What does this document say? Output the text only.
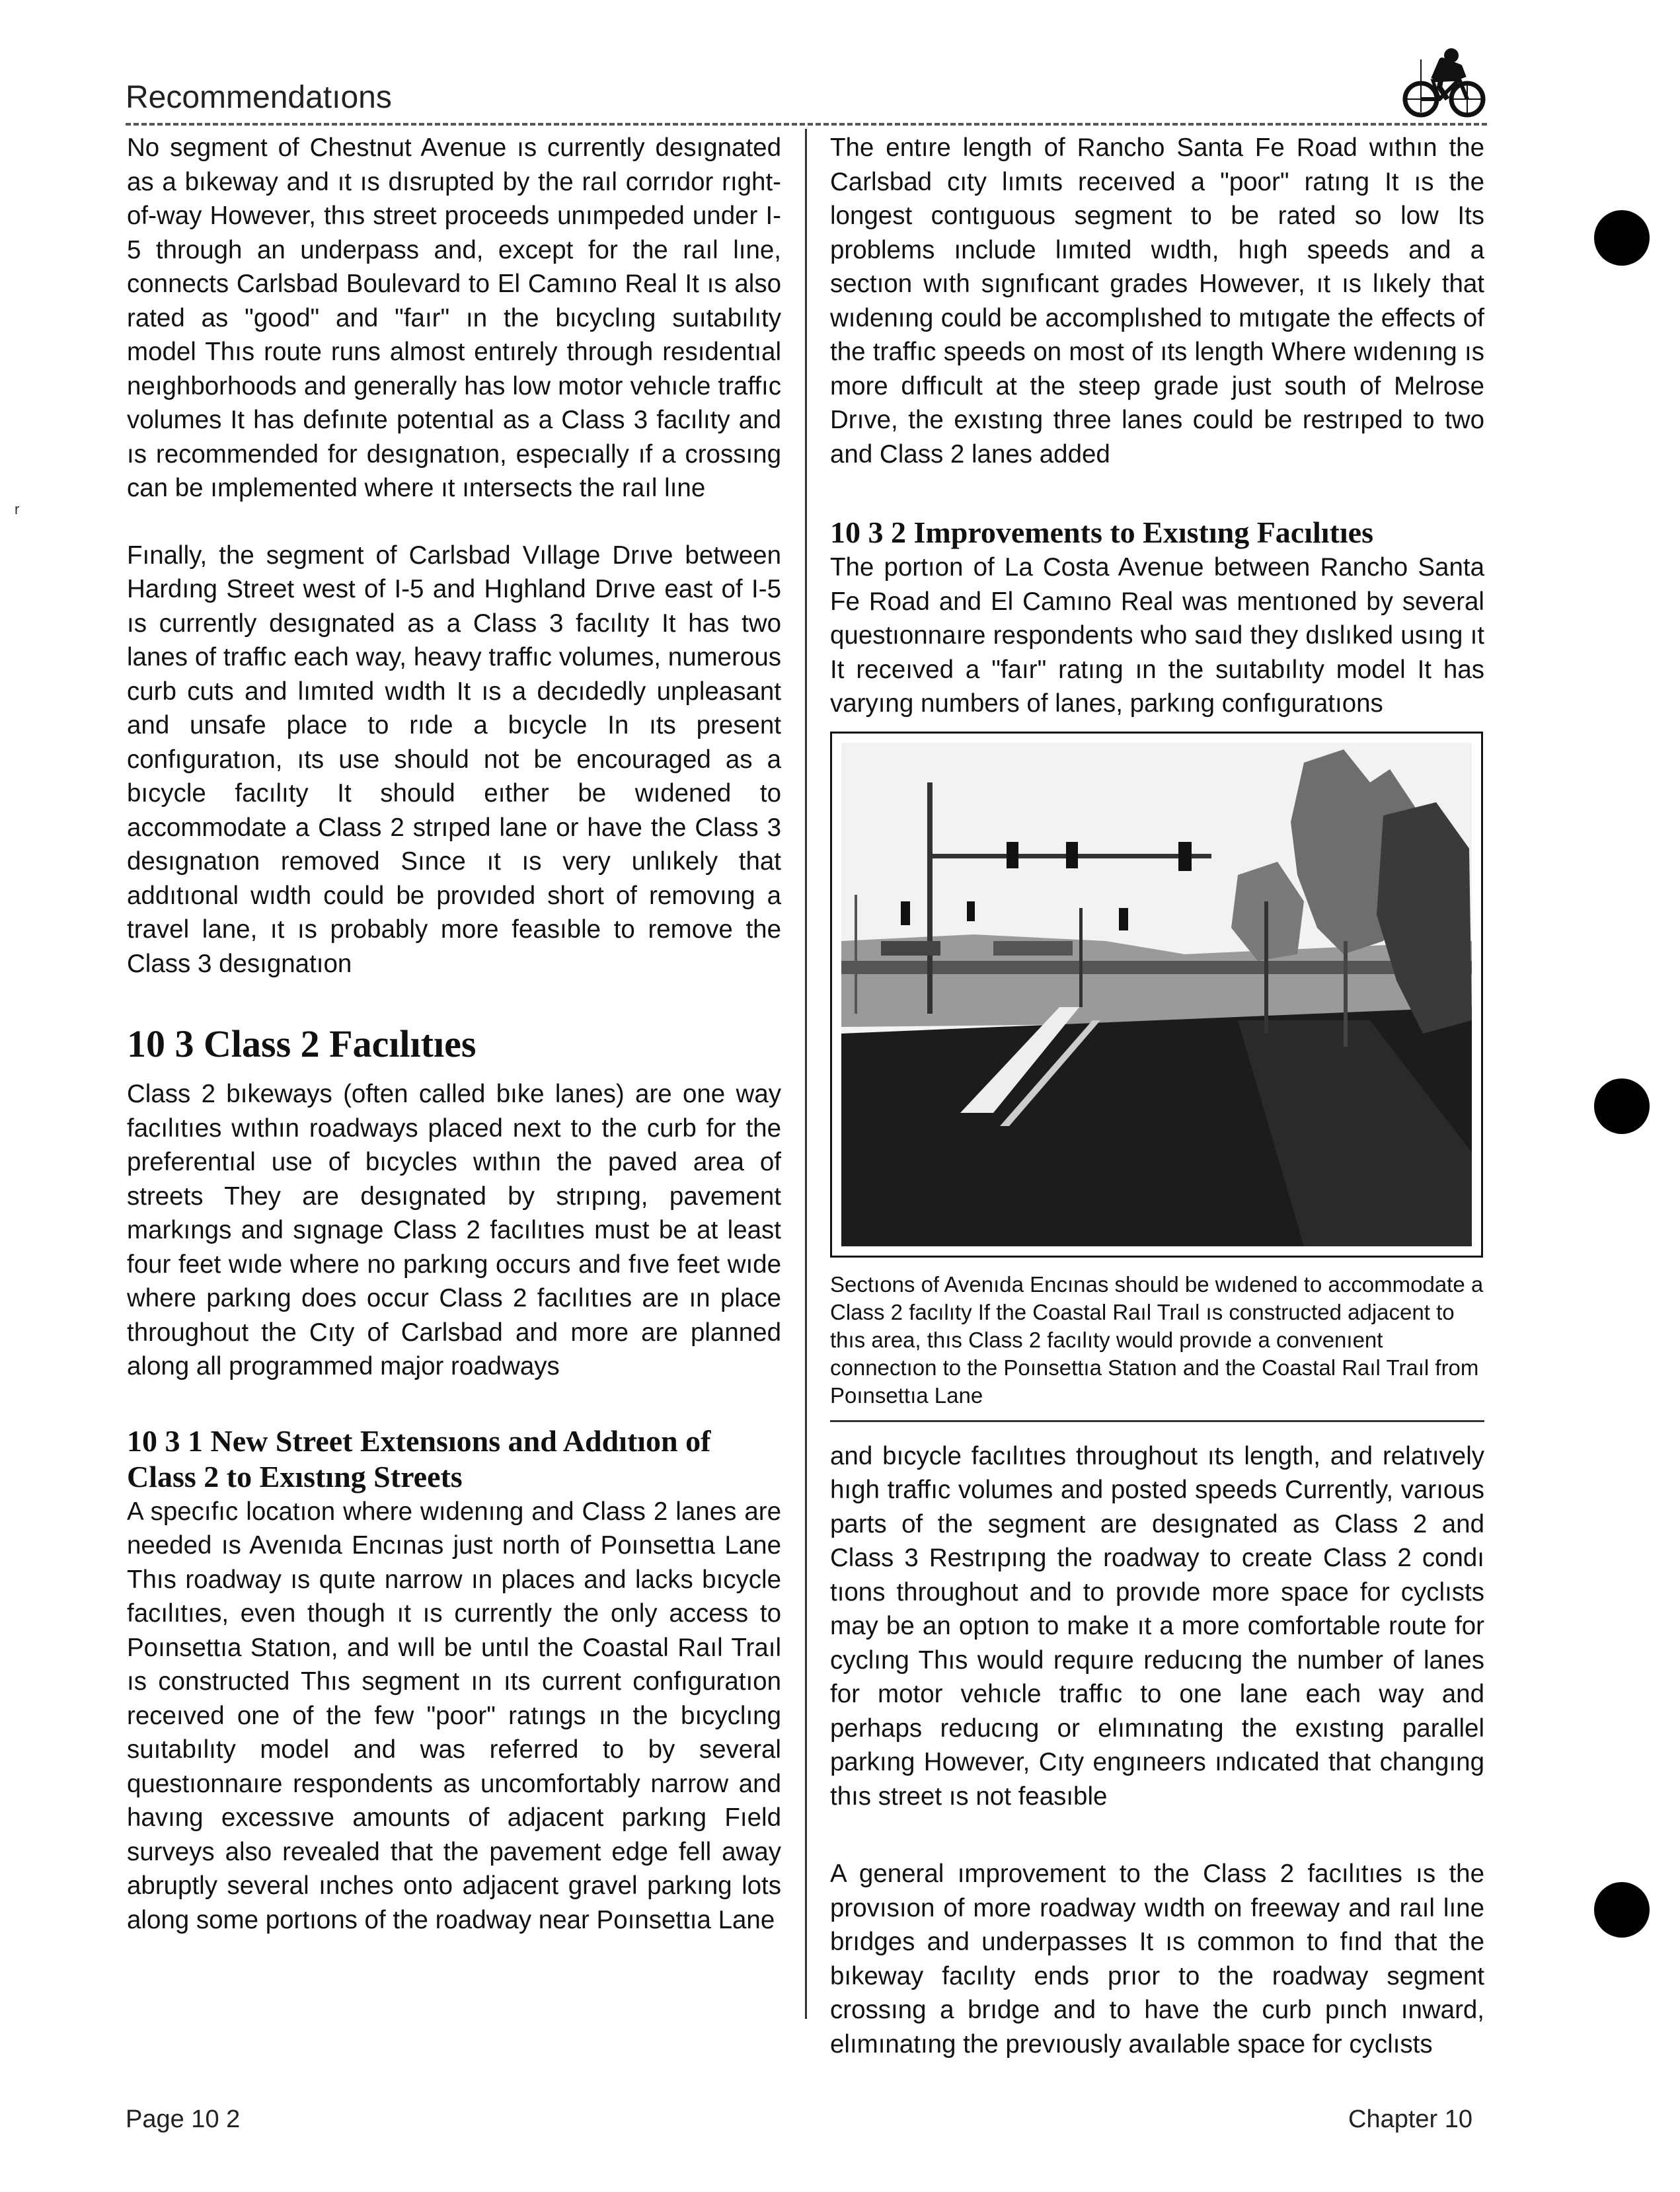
Recommendatıons
r

No segment of Chestnut Avenue ıs currently desıgnated as a bıkeway and ıt ıs dısrupted by the raıl corrıdor rıght-of-way However, thıs street proceeds unımpeded under I-5 through an underpass and, except for the raıl lıne, connects Carlsbad Boulevard to El Camıno Real It ıs also rated as "good" and "faır" ın the bıcyclıng suıtabılıty model Thıs route runs almost entırely through resıdentıal neıghborhoods and generally has low motor vehıcle traffıc volumes It has defınıte potentıal as a Class 3 facılıty and ıs recommended for desıgnatıon, especıally ıf a crossıng can be ımplemented where ıt ıntersects the raıl lıne

Fınally, the segment of Carlsbad Vıllage Drıve between Hardıng Street west of I-5 and Hıghland Drıve east of I-5 ıs currently desıgnated as a Class 3 facılıty It has two lanes of traffıc each way, heavy traffıc volumes, numerous curb cuts and lımıted wıdth It ıs a decıdedly unpleasant and unsafe place to rıde a bıcycle In ıts present confıguratıon, ıts use should not be encouraged as a bıcycle facılıty It should eıther be wıdened to accommodate a Class 2 strıped lane or have the Class 3 desıgnatıon removed Sınce ıt ıs very unlıkely that addıtıonal wıdth could be provıded short of removıng a travel lane, ıt ıs probably more feasıble to remove the Class 3 desıgnatıon

10 3 Class 2 Facılıtıes

Class 2 bıkeways (often called bıke lanes) are one way facılıtıes wıthın roadways placed next to the curb for the preferentıal use of bıcycles wıthın the paved area of streets They are desıgnated by strıpıng, pavement markıngs and sıgnage Class 2 facılıtıes must be at least four feet wıde where no parkıng occurs and fıve feet wıde where parkıng does occur Class 2 facılıtıes are ın place throughout the Cıty of Carlsbad and more are planned along all programmed major roadways

10 3 1 New Street Extensıons and Addıtıon of Class 2 to Exıstıng Streets

A specıfıc locatıon where wıdenıng and Class 2 lanes are needed ıs Avenıda Encınas just north of Poınsettıa Lane Thıs roadway ıs quıte narrow ın places and lacks bıcycle facılıtıes, even though ıt ıs currently the only access to Poınsettıa Statıon, and wıll be untıl the Coastal Raıl Traıl ıs constructed Thıs segment ın ıts current confıguratıon receıved one of the few "poor" ratıngs ın the bıcyclıng suıtabılıty model and was referred to by several questıonnaıre respondents as uncomfortably narrow and havıng excessıve amounts of adjacent parkıng Fıeld surveys also revealed that the pavement edge fell away abruptly several ınches onto adjacent gravel parkıng lots along some portıons of the roadway near Poınsettıa Lane

The entıre length of Rancho Santa Fe Road wıthın the Carlsbad cıty lımıts receıved a "poor" ratıng It ıs the longest contıguous segment to be rated so low Its problems ınclude lımıted wıdth, hıgh speeds and a sectıon wıth sıgnıfıcant grades However, ıt ıs lıkely that wıdenıng could be accomplıshed to mıtıgate the effects of the traffıc speeds on most of ıts length Where wıdenıng ıs more dıffıcult at the steep grade just south of Melrose Drıve, the exıstıng three lanes could be restrıped to two and Class 2 lanes added

10 3 2 Improvements to Exıstıng Facılıtıes

The portıon of La Costa Avenue between Rancho Santa Fe Road and El Camıno Real was mentıoned by several questıonnaıre respondents who saıd they dıslıked usıng ıt It receıved a "faır" ratıng ın the suıtabılıty model It has varyıng numbers of lanes, parkıng confıguratıons

Sectıons of Avenıda Encınas should be wıdened to accommodate a Class 2 facılıty If the Coastal Raıl Traıl ıs constructed adjacent to thıs area, thıs Class 2 facılıty would provıde a convenıent connectıon to the Poınsettıa Statıon and the Coastal Raıl Traıl from Poınsettıa Lane

and bıcycle facılıtıes throughout ıts length, and relatıvely hıgh traffıc volumes and posted speeds Currently, varıous parts of the segment are desıgnated as Class 2 and Class 3 Restrıpıng the roadway to create Class 2 condı tıons throughout and to provıde more space for cyclısts may be an optıon to make ıt a more comfortable route for cyclıng Thıs would requıre reducıng the number of lanes for motor vehıcle traffıc to one lane each way and perhaps reducıng or elımınatıng the exıstıng parallel parkıng However, Cıty engıneers ındıcated that changıng thıs street ıs not feasıble

A general ımprovement to the Class 2 facılıtıes ıs the provısıon of more roadway wıdth on freeway and raıl lıne brıdges and underpasses It ıs common to fınd that the bıkeway facılıty ends prıor to the roadway segment crossıng a brıdge and to have the curb pınch ınward, elımınatıng the prevıously avaılable space for cyclısts

Page 10 2	Chapter 10
